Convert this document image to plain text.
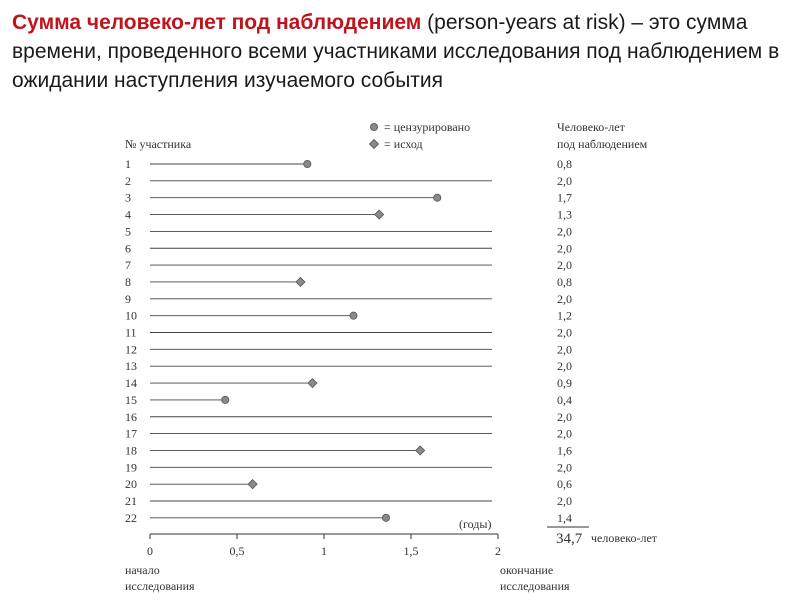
Сумма человеко-лет под наблюдением (person-years at risk) – это сумма времени, проведенного всеми участниками исследования под наблюдением в ожидании наступления изучаемого события

= цензурировано
= исход
№ участника
Человеко-лет
под наблюдением
1	0,8
2	2,0
3	1,7
4	1,3
5	2,0
6	2,0
7	2,0
8	0,8
9	2,0
10	1,2
11	2,0
12	2,0
13	2,0
14	0,9
15	0,4
16	2,0
17	2,0
18	1,6
19	2,0
20	0,6
21	2,0
22	1,4
34,7 человеко-лет
0	0,5	1	1,5	2
(годы)
начало
исследования
окончание
исследования
